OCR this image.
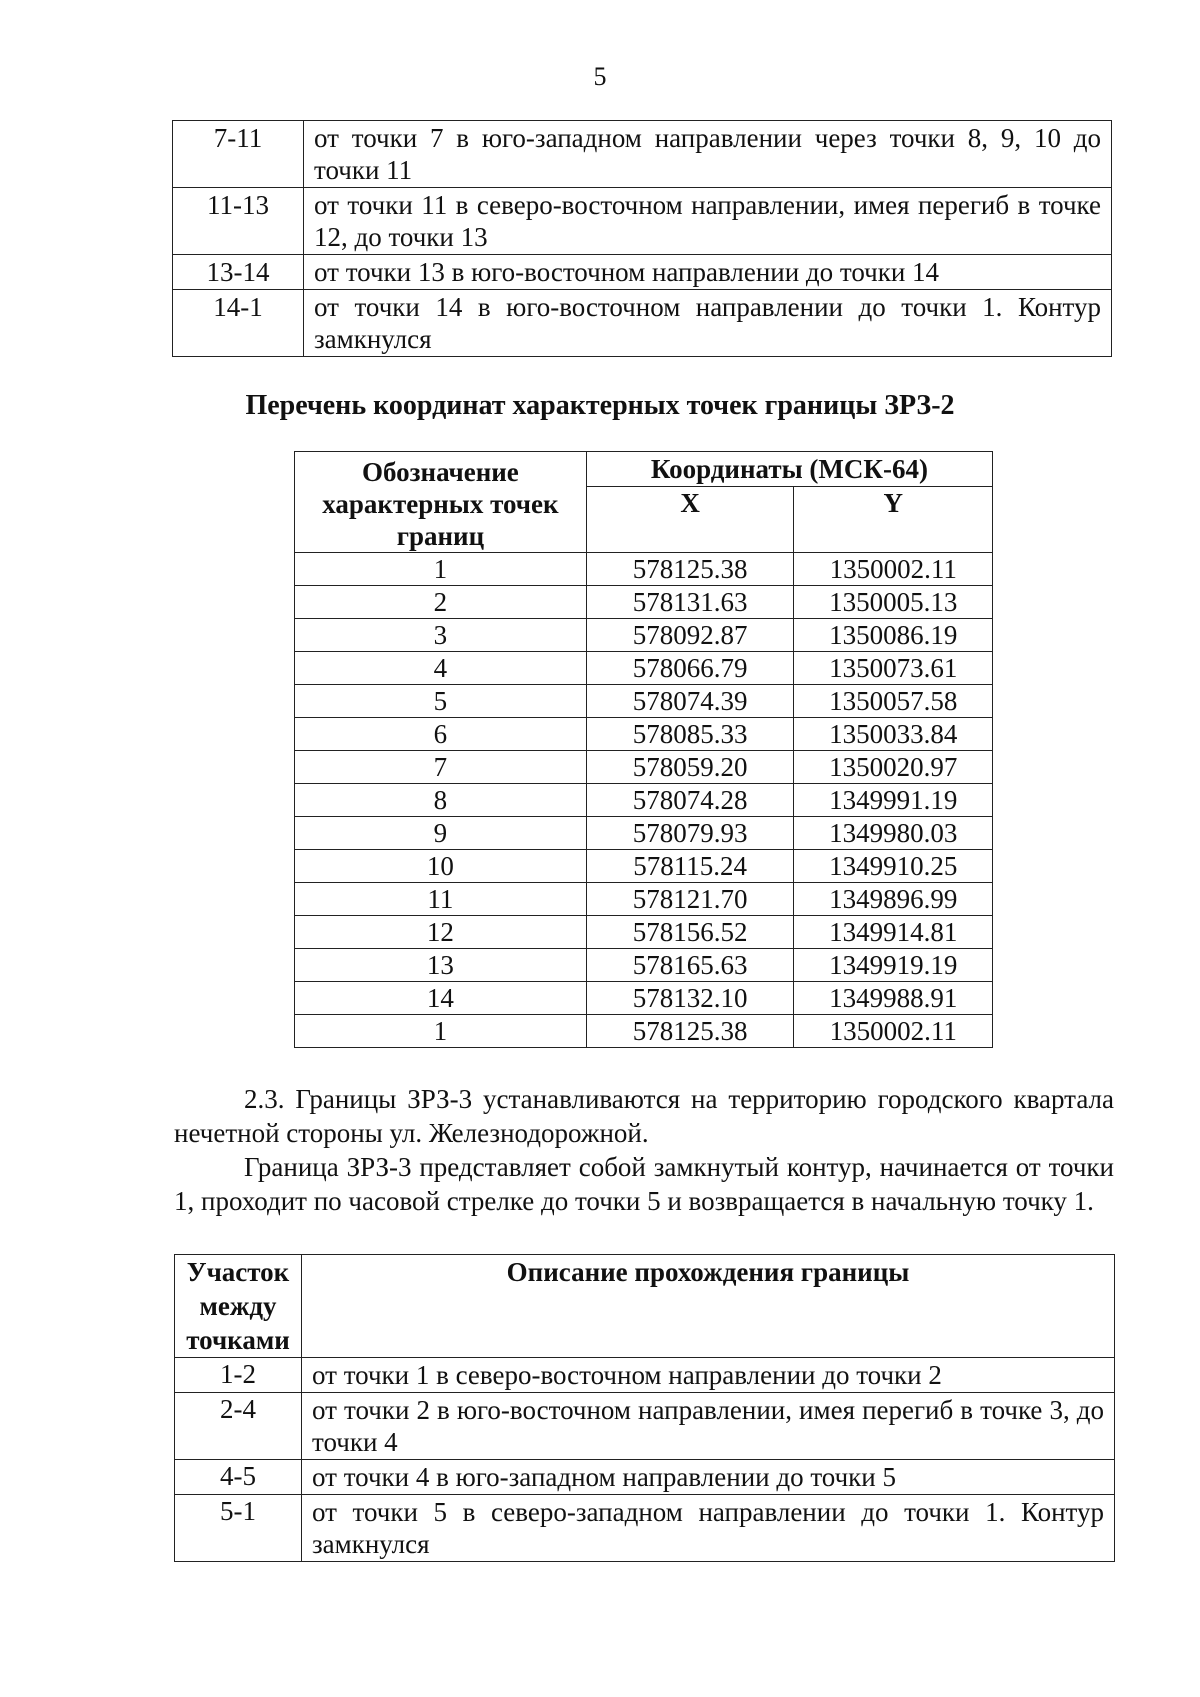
5
7-11	от точки 7 в юго-западном направлении через точки 8, 9, 10 до точки 11
11-13	от точки 11 в северо-восточном направлении, имея перегиб в точке 12, до точки 13
13-14	от точки 13 в юго-восточном направлении до точки 14
14-1	от точки 14 в юго-восточном направлении до точки 1. Контур замкнулся
Перечень координат характерных точек границы ЗРЗ-2
Обозначение характерных точек границ	Координаты (МСК-64)	
	X	Y
1	578125.38	1350002.11
2	578131.63	1350005.13
3	578092.87	1350086.19
4	578066.79	1350073.61
5	578074.39	1350057.58
6	578085.33	1350033.84
7	578059.20	1350020.97
8	578074.28	1349991.19
9	578079.93	1349980.03
10	578115.24	1349910.25
11	578121.70	1349896.99
12	578156.52	1349914.81
13	578165.63	1349919.19
14	578132.10	1349988.91
1	578125.38	1350002.11
2.3. Границы ЗРЗ-3 устанавливаются на территорию городского квартала нечетной стороны ул. Железнодорожной.
Граница ЗРЗ-3 представляет собой замкнутый контур, начинается от точки 1, проходит по часовой стрелке до точки 5 и возвращается в начальную точку 1.
Участок между точками	Описание прохождения границы
1-2	от точки 1 в северо-восточном направлении до точки 2
2-4	от точки 2 в юго-восточном направлении, имея перегиб в точке 3, до точки 4
4-5	от точки 4 в юго-западном направлении до точки 5
5-1	от точки 5 в северо-западном направлении до точки 1. Контур замкнулся
